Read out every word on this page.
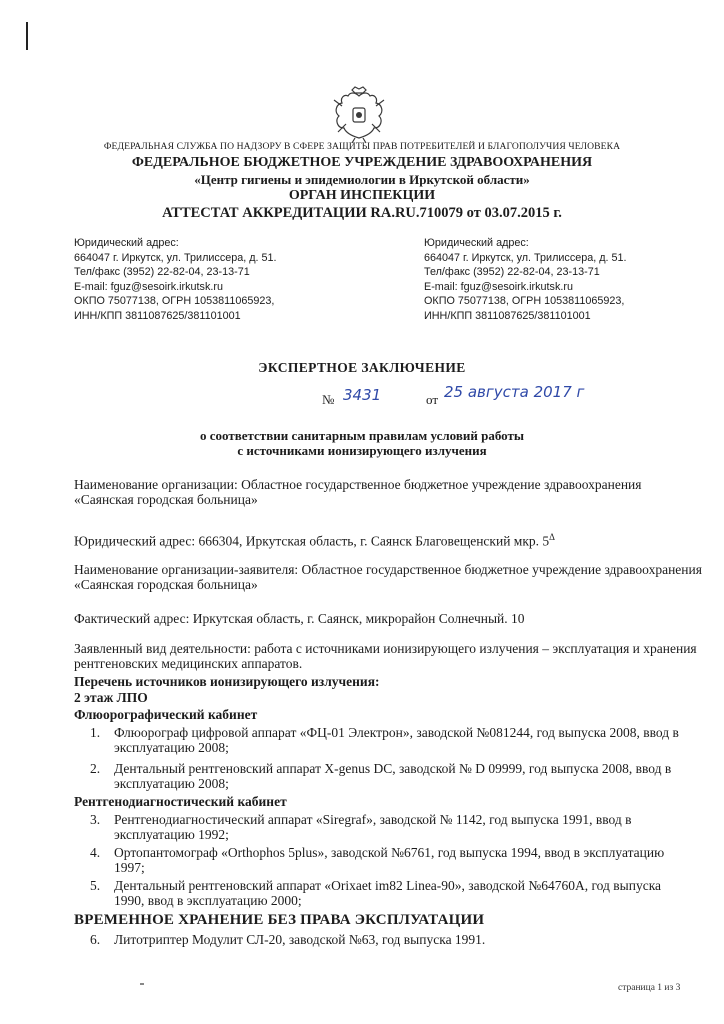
ФЕДЕРАЛЬНАЯ СЛУЖБА ПО НАДЗОРУ В СФЕРЕ ЗАЩИТЫ ПРАВ ПОТРЕБИТЕЛЕЙ И БЛАГОПОЛУЧИЯ ЧЕЛОВЕКА
ФЕДЕРАЛЬНОЕ БЮДЖЕТНОЕ УЧРЕЖДЕНИЕ ЗДРАВООХРАНЕНИЯ
«Центр гигиены и эпидемиологии в Иркутской области»
ОРГАН ИНСПЕКЦИИ
АТТЕСТАТ АККРЕДИТАЦИИ RA.RU.710079 от 03.07.2015 г.
Юридический адрес:
664047 г. Иркутск, ул. Трилиссера, д. 51.
Тел/факс (3952) 22-82-04, 23-13-71
E-mail: fguz@sesoirk.irkutsk.ru
ОКПО 75077138, ОГРН 1053811065923,
ИНН/КПП 3811087625/381101001
Юридический адрес:
664047 г. Иркутск, ул. Трилиссера, д. 51.
Тел/факс (3952) 22-82-04, 23-13-71
E-mail: fguz@sesoirk.irkutsk.ru
ОКПО 75077138, ОГРН 1053811065923,
ИНН/КПП 3811087625/381101001
ЭКСПЕРТНОЕ ЗАКЛЮЧЕНИЕ
№ 3431	от 25 августа 2017 г
о соответствии санитарным правилам условий работы
с источниками ионизирующего излучения
Наименование организации: Областное государственное бюджетное учреждение здравоохранения «Саянская городская больница»
Юридический адрес: 666304, Иркутская область, г. Саянск Благовещенский мкр. $5^\Delta$
Наименование организации-заявителя: Областное государственное бюджетное учреждение здравоохранения «Саянская городская больница»
Фактический адрес: Иркутская область, г. Саянск, микрорайон Солнечный. 10
Заявленный вид деятельности: работа с источниками ионизирующего излучения – эксплуатация и хранения рентгеновских медицинских аппаратов.
Перечень источников ионизирующего излучения:
2 этаж ЛПО
Флюорографический кабинет
1. Флюорограф цифровой аппарат «ФЦ-01 Электрон», заводской №081244, год выпуска 2008, ввод в эксплуатацию 2008;
2. Дентальный рентгеновский аппарат X-genus DC, заводской № D 09999, год выпуска 2008, ввод в эксплуатацию 2008;
Рентгенодиагностический кабинет
3. Рентгенодиагностический аппарат «Siregraf», заводской № 1142, год выпуска 1991, ввод в эксплуатацию 1992;
4. Ортопантомограф «Orthophos 5plus», заводской №6761, год выпуска 1994, ввод в эксплуатацию 1997;
5. Дентальный рентгеновский аппарат «Orixaet im82 Linea-90», заводской №64760А, год выпуска 1990, ввод в эксплуатацию 2000;
ВРЕМЕННОЕ ХРАНЕНИЕ БЕЗ ПРАВА ЭКСПЛУАТАЦИИ
6. Литотриптер Модулит СЛ-20, заводской №63, год выпуска 1991.
страница 1 из 3
